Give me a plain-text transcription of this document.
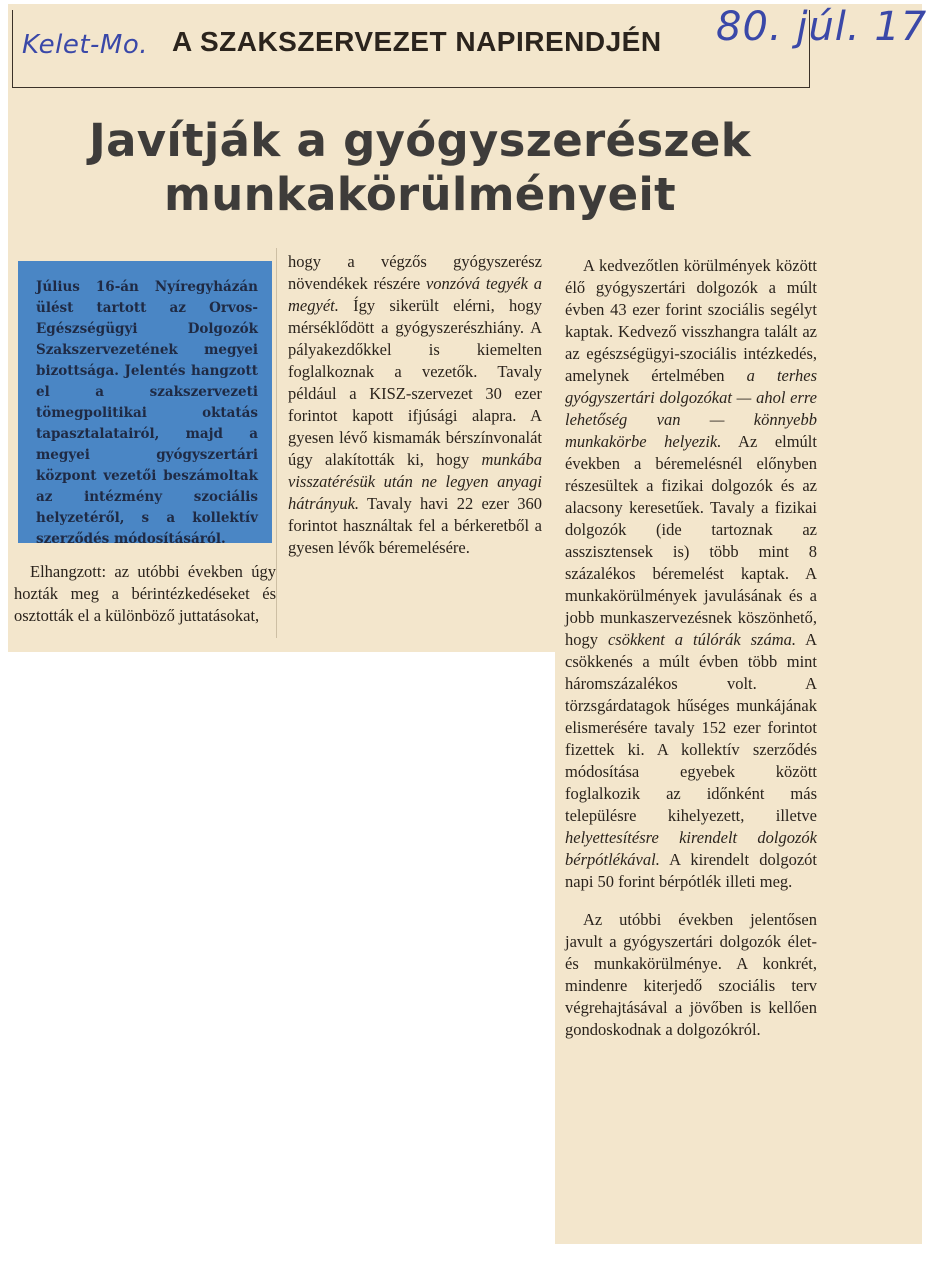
Kelet-Mo. A SZAKSZERVEZET NAPIRENDJÉN 80. júl. 17
Javítják a gyógyszerészek
munkakörülményeit

Július 16-án Nyíregyházán ülést tartott az Orvos-Egészségügyi Dolgozók Szakszervezetének megyei bizottsága. Jelentés hangzott el a szakszervezeti tömegpolitikai oktatás tapasztalatairól, majd a megyei gyógyszertári központ vezetői beszámoltak az intézmény szociális helyzetéről, s a kollektív szerződés módosításáról.

Elhangzott: az utóbbi években úgy hozták meg a bérintézkedéseket és osztották el a különböző juttatásokat,

hogy a végzős gyógyszerész növendékek részére vonzóvá tegyék a megyét. Így sikerült elérni, hogy mérséklődött a gyógyszerészhiány. A pályakezdőkkel is kiemelten foglalkoznak a vezetők. Tavaly például a KISZ-szervezet 30 ezer forintot kapott ifjúsági alapra. A gyesen lévő kismamák bérszínvonalát úgy alakították ki, hogy munkába visszatérésük után ne legyen anyagi hátrányuk. Tavaly havi 22 ezer 360 forintot használtak fel a bérkeretből a gyesen lévők béremelésére.

A kedvezőtlen körülmények között élő gyógyszertári dolgozók a múlt évben 43 ezer forint szociális segélyt kaptak. Kedvező visszhangra talált az az egészségügyi-szociális intézkedés, amelynek értelmében a terhes gyógyszertári dolgozókat — ahol erre lehetőség van — könnyebb munkakörbe helyezik. Az elmúlt években a béremelésnél előnyben részesültek a fizikai dolgozók és az alacsony keresetűek. Tavaly a fizikai dolgozók (ide tartoznak az asszisztensek is) több mint 8 százalékos béremelést kaptak. A munkakörülmények javulásának és a jobb munkaszervezésnek köszönhető, hogy csökkent a túlórák száma. A csökkenés a múlt évben több mint háromszázalékos volt. A törzsgárdatagok hűséges munkájának elismerésére tavaly 152 ezer forintot fizettek ki. A kollektív szerződés módosítása egyebek között foglalkozik az időnként más településre kihelyezett, illetve helyettesítésre kirendelt dolgozók bérpótlékával. A kirendelt dolgozót napi 50 forint bérpótlék illeti meg.

Az utóbbi években jelentősen javult a gyógyszertári dolgozók élet- és munkakörülménye. A konkrét, mindenre kiterjedő szociális terv végrehajtásával a jövőben is kellően gondoskodnak a dolgozókról.
